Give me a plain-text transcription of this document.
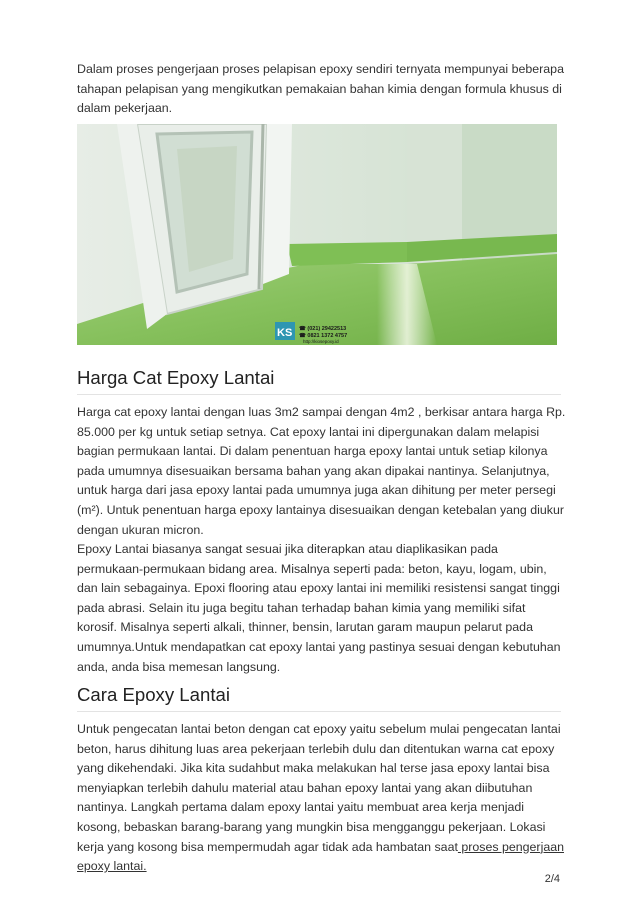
Dalam proses pengerjaan proses pelapisan epoxy sendiri ternyata mempunyai beberapa tahapan pelapisan yang mengikutkan pemakaian bahan kimia dengan formula khusus di dalam pekerjaan.

KS ☎ (021) 29422513
☎ 0821 1372 4757
http://kiosepoxy.id
Harga Cat Epoxy Lantai

Harga cat epoxy lantai dengan luas 3m2 sampai dengan 4m2 , berkisar antara harga Rp. 85.000 per kg untuk setiap setnya. Cat epoxy lantai ini dipergunakan dalam melapisi bagian permukaan lantai. Di dalam penentuan harga epoxy lantai untuk setiap kilonya pada umumnya disesuaikan bersama bahan yang akan dipakai nantinya. Selanjutnya, untuk harga dari jasa epoxy lantai pada umumnya juga akan dihitung per meter persegi (m²). Untuk penentuan harga epoxy lantainya disesuaikan dengan ketebalan yang diukur dengan ukuran micron.

Epoxy Lantai biasanya sangat sesuai jika diterapkan atau diaplikasikan pada permukaan-permukaan bidang area. Misalnya seperti pada: beton, kayu, logam, ubin, dan lain sebagainya. Epoxi flooring atau epoxy lantai ini memiliki resistensi sangat tinggi pada abrasi. Selain itu juga begitu tahan terhadap bahan kimia yang memiliki sifat korosif. Misalnya seperti alkali, thinner, bensin, larutan garam maupun pelarut pada umumnya.Untuk mendapatkan cat epoxy lantai yang pastinya sesuai dengan kebutuhan anda, anda bisa memesan langsung.

Cara Epoxy Lantai

Untuk pengecatan lantai beton dengan cat epoxy yaitu sebelum mulai pengecatan lantai beton, harus dihitung luas area pekerjaan terlebih dulu dan ditentukan warna cat epoxy yang dikehendaki. Jika kita sudahbut maka melakukan hal terse jasa epoxy lantai bisa menyiapkan terlebih dahulu material atau bahan epoxy lantai yang akan diibutuhan nantinya. Langkah pertama dalam epoxy lantai yaitu membuat area kerja menjadi kosong, bebaskan barang-barang yang mungkin bisa mengganggu pekerjaan. Lokasi kerja yang kosong bisa mempermudah agar tidak ada hambatan saat proses pengerjaan epoxy lantai.

2/4
